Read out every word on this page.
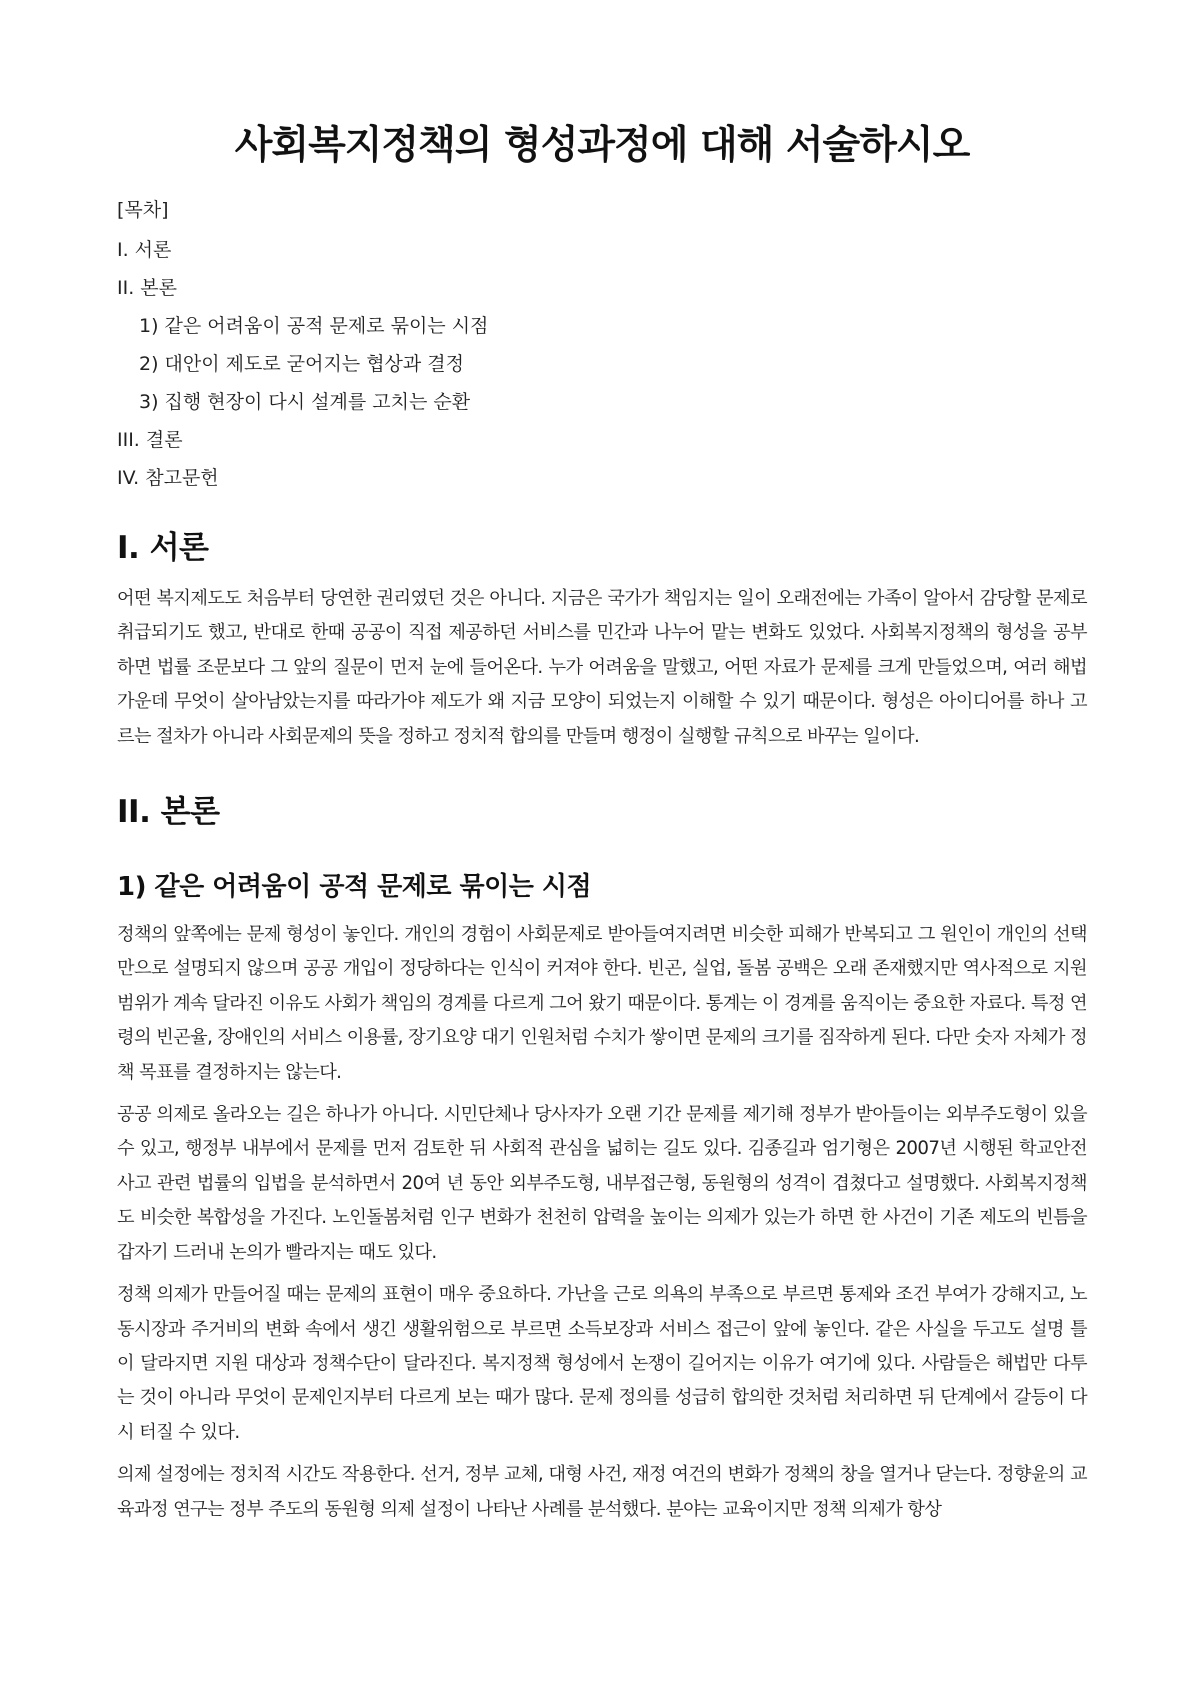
사회복지정책의 형성과정에 대해 서술하시오
[목차]
I. 서론
II. 본론
1) 같은 어려움이 공적 문제로 묶이는 시점
2) 대안이 제도로 굳어지는 협상과 결정
3) 집행 현장이 다시 설계를 고치는 순환
III. 결론
IV. 참고문헌
I. 서론

어떤 복지제도도 처음부터 당연한 권리였던 것은 아니다. 지금은 국가가 책임지는 일이 오래전에는 가족이 알아서 감당할 문제로 취급되기도 했고, 반대로 한때 공공이 직접 제공하던 서비스를 민간과 나누어 맡는 변화도 있었다. 사회복지정책의 형성을 공부하면 법률 조문보다 그 앞의 질문이 먼저 눈에 들어온다. 누가 어려움을 말했고, 어떤 자료가 문제를 크게 만들었으며, 여러 해법 가운데 무엇이 살아남았는지를 따라가야 제도가 왜 지금 모양이 되었는지 이해할 수 있기 때문이다. 형성은 아이디어를 하나 고르는 절차가 아니라 사회문제의 뜻을 정하고 정치적 합의를 만들며 행정이 실행할 규칙으로 바꾸는 일이다.

II. 본론
1) 같은 어려움이 공적 문제로 묶이는 시점

정책의 앞쪽에는 문제 형성이 놓인다. 개인의 경험이 사회문제로 받아들여지려면 비슷한 피해가 반복되고 그 원인이 개인의 선택만으로 설명되지 않으며 공공 개입이 정당하다는 인식이 커져야 한다. 빈곤, 실업, 돌봄 공백은 오래 존재했지만 역사적으로 지원 범위가 계속 달라진 이유도 사회가 책임의 경계를 다르게 그어 왔기 때문이다. 통계는 이 경계를 움직이는 중요한 자료다. 특정 연령의 빈곤율, 장애인의 서비스 이용률, 장기요양 대기 인원처럼 수치가 쌓이면 문제의 크기를 짐작하게 된다. 다만 숫자 자체가 정책 목표를 결정하지는 않는다.

공공 의제로 올라오는 길은 하나가 아니다. 시민단체나 당사자가 오랜 기간 문제를 제기해 정부가 받아들이는 외부주도형이 있을 수 있고, 행정부 내부에서 문제를 먼저 검토한 뒤 사회적 관심을 넓히는 길도 있다. 김종길과 엄기형은 2007년 시행된 학교안전사고 관련 법률의 입법을 분석하면서 20여 년 동안 외부주도형, 내부접근형, 동원형의 성격이 겹쳤다고 설명했다. 사회복지정책도 비슷한 복합성을 가진다. 노인돌봄처럼 인구 변화가 천천히 압력을 높이는 의제가 있는가 하면 한 사건이 기존 제도의 빈틈을 갑자기 드러내 논의가 빨라지는 때도 있다.

정책 의제가 만들어질 때는 문제의 표현이 매우 중요하다. 가난을 근로 의욕의 부족으로 부르면 통제와 조건 부여가 강해지고, 노동시장과 주거비의 변화 속에서 생긴 생활위험으로 부르면 소득보장과 서비스 접근이 앞에 놓인다. 같은 사실을 두고도 설명 틀이 달라지면 지원 대상과 정책수단이 달라진다. 복지정책 형성에서 논쟁이 길어지는 이유가 여기에 있다. 사람들은 해법만 다투는 것이 아니라 무엇이 문제인지부터 다르게 보는 때가 많다. 문제 정의를 성급히 합의한 것처럼 처리하면 뒤 단계에서 갈등이 다시 터질 수 있다.

의제 설정에는 정치적 시간도 작용한다. 선거, 정부 교체, 대형 사건, 재정 여건의 변화가 정책의 창을 열거나 닫는다. 정향윤의 교육과정 연구는 정부 주도의 동원형 의제 설정이 나타난 사례를 분석했다. 분야는 교육이지만 정책 의제가 항상
